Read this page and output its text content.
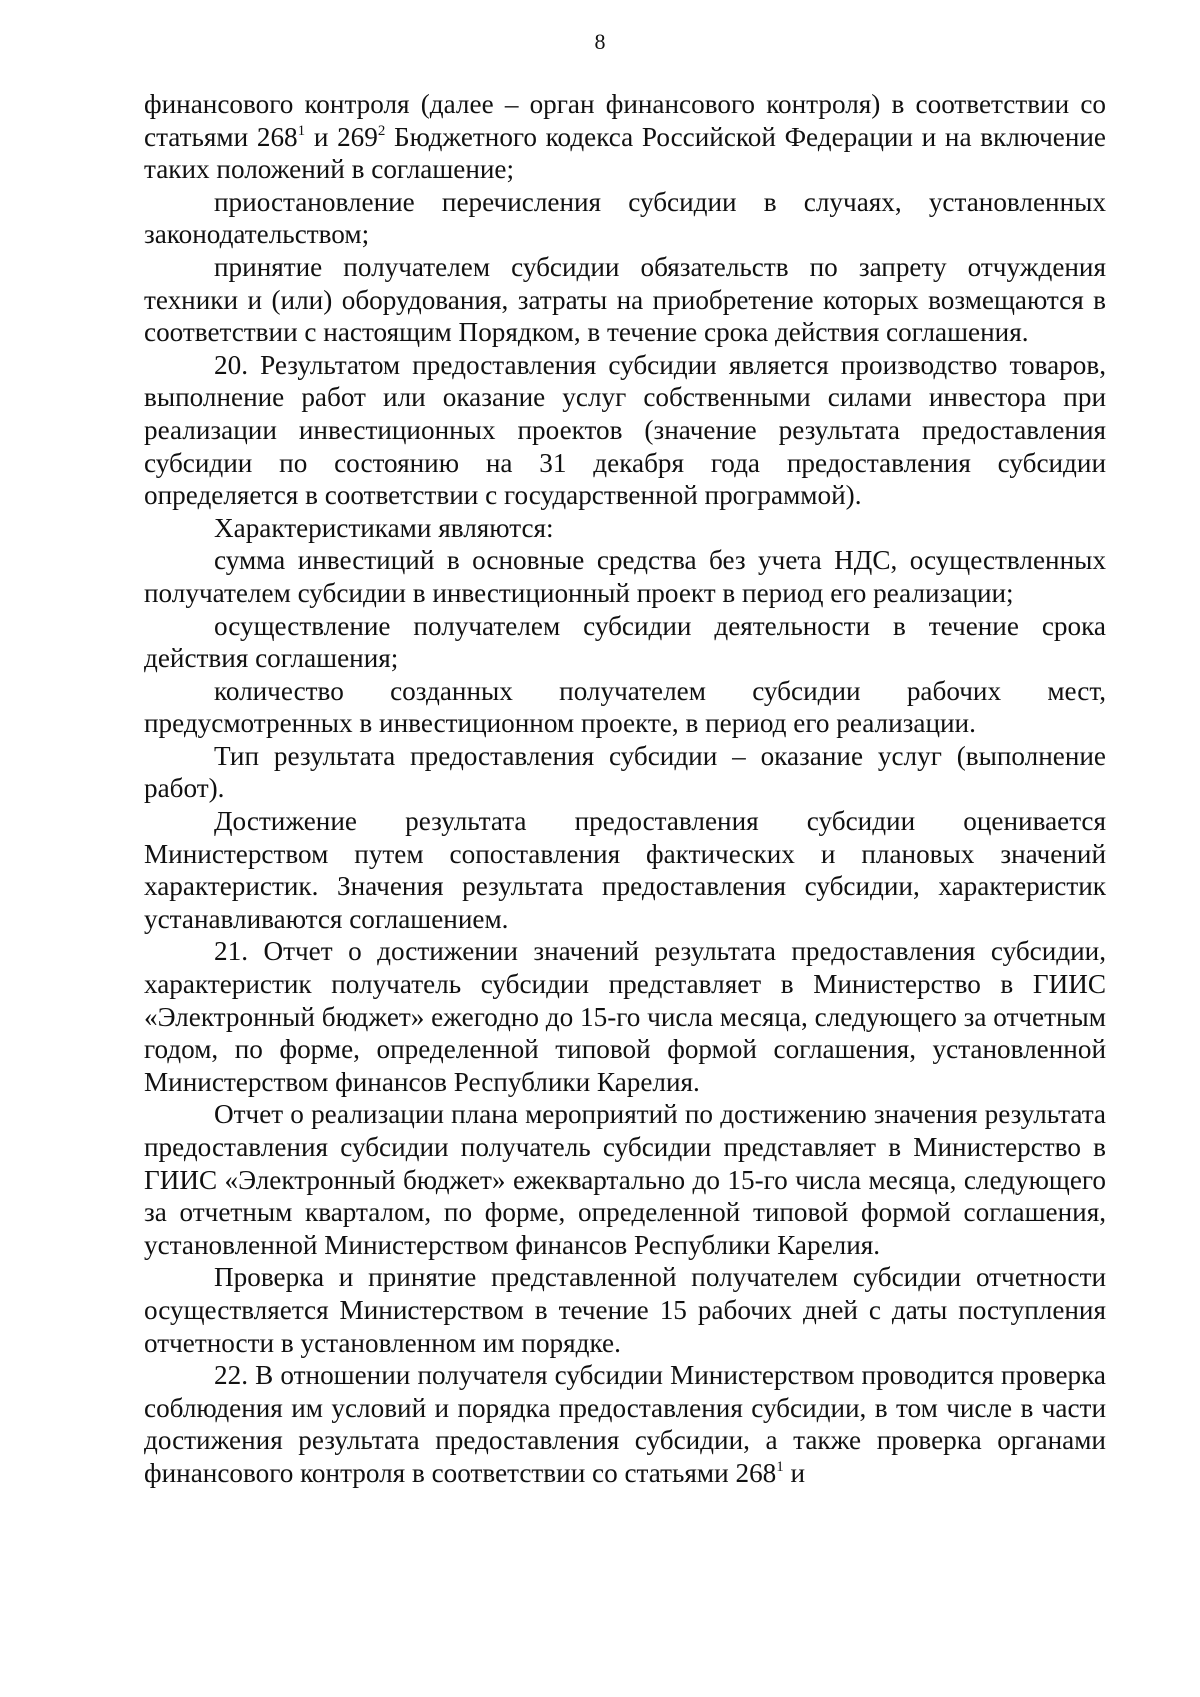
8

финансового контроля (далее – орган финансового контроля) в соответствии со статьями $268^1$ и $269^2$ Бюджетного кодекса Российской Федерации и на включение таких положений в соглашение;

приостановление перечисления субсидии в случаях, установленных законодательством;

принятие получателем субсидии обязательств по запрету отчуждения техники и (или) оборудования, затраты на приобретение которых возмещаются в соответствии с настоящим Порядком, в течение срока действия соглашения.

20. Результатом предоставления субсидии является производство товаров, выполнение работ или оказание услуг собственными силами инвестора при реализации инвестиционных проектов (значение результата предоставления субсидии по состоянию на 31 декабря года предоставления субсидии определяется в соответствии с государственной программой).

Характеристиками являются:

сумма инвестиций в основные средства без учета НДС, осуществленных получателем субсидии в инвестиционный проект в период его реализации;

осуществление получателем субсидии деятельности в течение срока действия соглашения;

количество созданных получателем субсидии рабочих мест, предусмотренных в инвестиционном проекте, в период его реализации.

Тип результата предоставления субсидии – оказание услуг (выполнение работ).

Достижение результата предоставления субсидии оценивается Министерством путем сопоставления фактических и плановых значений характеристик. Значения результата предоставления субсидии, характеристик устанавливаются соглашением.

21. Отчет о достижении значений результата предоставления субсидии, характеристик получатель субсидии представляет в Министерство в ГИИС «Электронный бюджет» ежегодно до 15-го числа месяца, следующего за отчетным годом, по форме, определенной типовой формой соглашения, установленной Министерством финансов Республики Карелия.

Отчет о реализации плана мероприятий по достижению значения результата предоставления субсидии получатель субсидии представляет в Министерство в ГИИС «Электронный бюджет» ежеквартально до 15-го числа месяца, следующего за отчетным кварталом, по форме, определенной типовой формой соглашения, установленной Министерством финансов Республики Карелия.

Проверка и принятие представленной получателем субсидии отчетности осуществляется Министерством в течение 15 рабочих дней с даты поступления отчетности в установленном им порядке.

22. В отношении получателя субсидии Министерством проводится проверка соблюдения им условий и порядка предоставления субсидии, в том числе в части достижения результата предоставления субсидии, а также проверка органами финансового контроля в соответствии со статьями $268^1$ и
